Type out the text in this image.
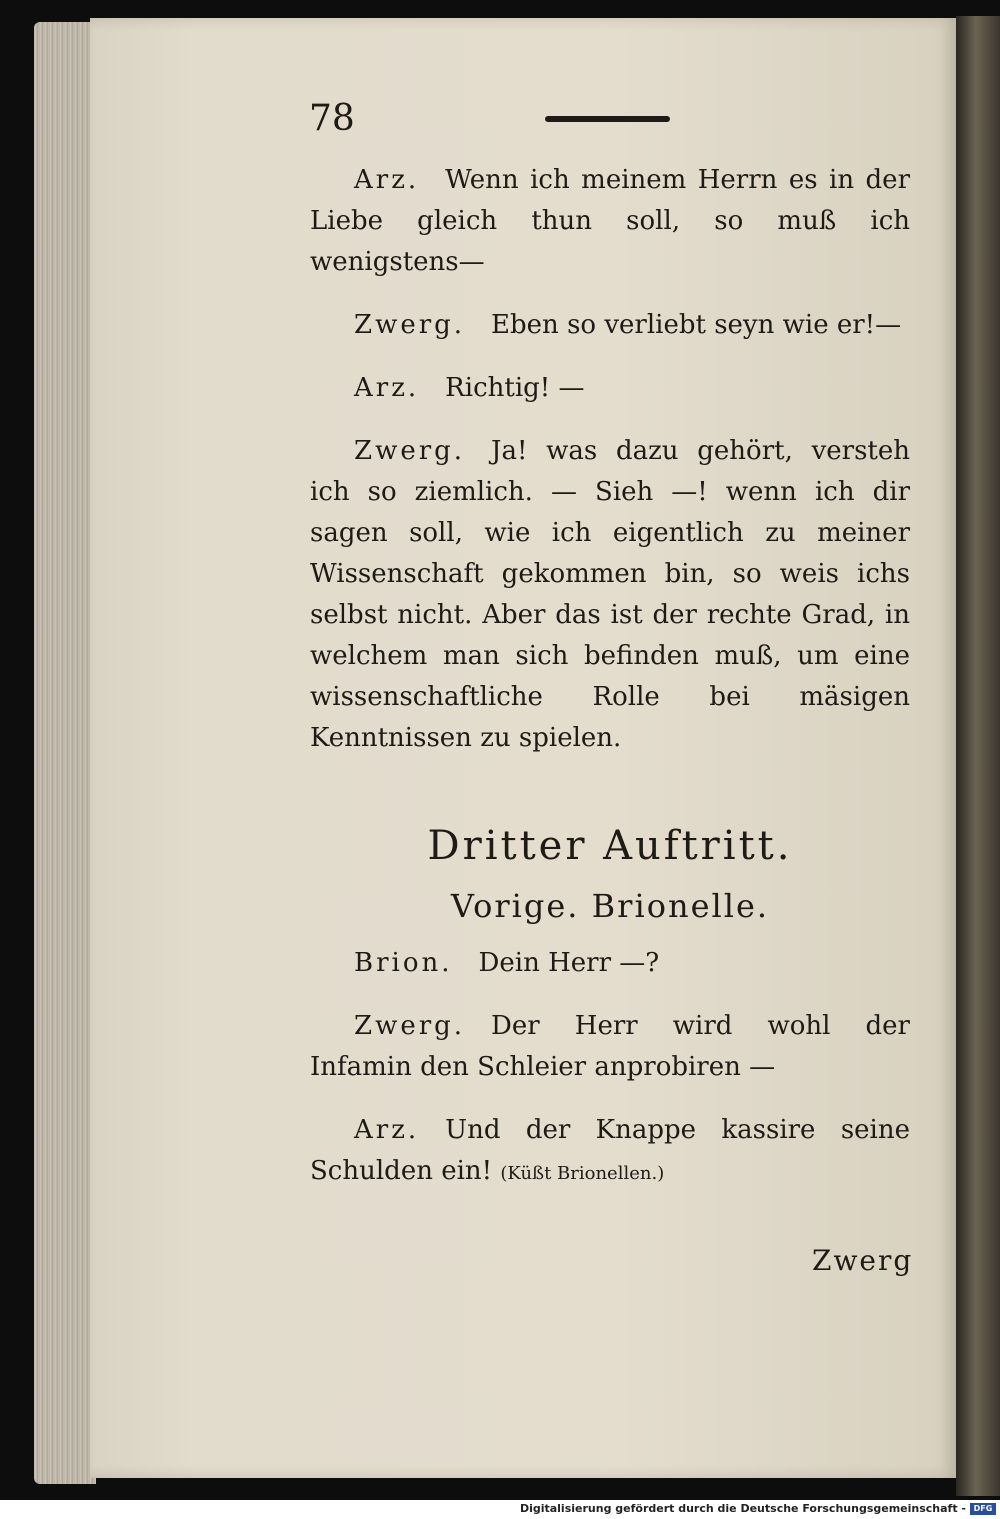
78

Arz. Wenn ich meinem Herrn es in der Liebe gleich thun soll, so muß ich wenigstens—

Zwerg. Eben so verliebt seyn wie er!—

Arz. Richtig! —

Zwerg. Ja! was dazu gehört, versteh ich so ziemlich. — Sieh —! wenn ich dir sagen soll, wie ich eigentlich zu meiner Wissenschaft gekommen bin, so weis ichs selbst nicht. Aber das ist der rechte Grad, in welchem man sich befinden muß, um eine wissenschaftliche Rolle bei mäsigen Kenntnissen zu spielen.

Dritter Auftritt.
Vorige. Brionelle.

Brion. Dein Herr —?

Zwerg. Der Herr wird wohl der Infamin den Schleier anprobiren —

Arz. Und der Knappe kassire seine Schulden ein! (Küßt Brionellen.)

Zwerg
Digitalisierung gefördert durch die Deutsche Forschungsgemeinschaft - DFG
